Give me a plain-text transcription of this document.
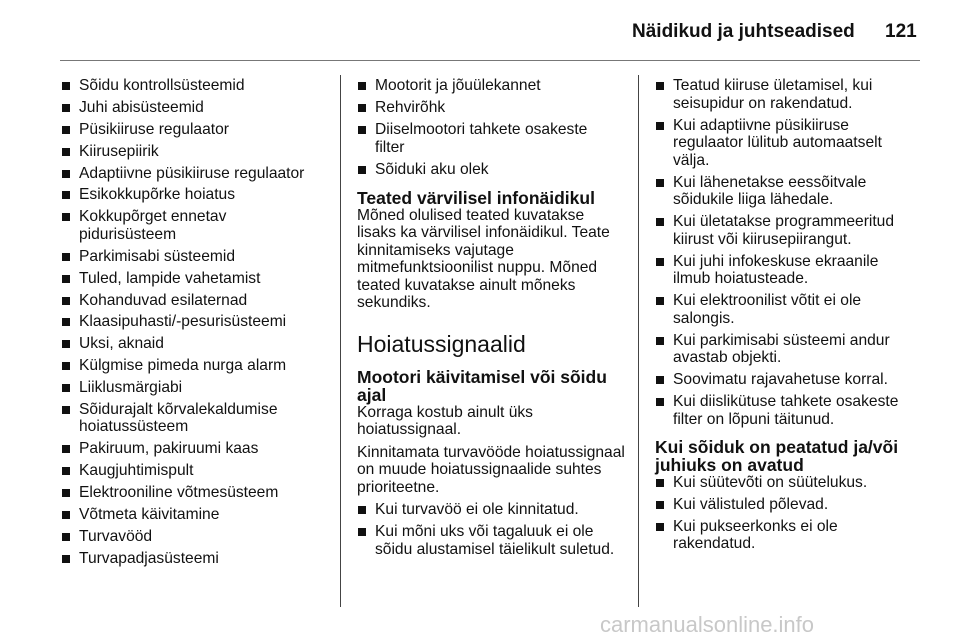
Näidikud ja juhtseadised 121
Sõidu kontrollsüsteemid
Juhi abisüsteemid
Püsikiiruse regulaator
Kiirusepiirik
Adaptiivne püsikiiruse regulaator
Esikokkupõrke hoiatus
Kokkupõrget ennetav pidurisüsteem
Parkimisabi süsteemid
Tuled, lampide vahetamist
Kohanduvad esilaternad
Klaasipuhasti/-pesurisüsteemi
Uksi, aknaid
Külgmise pimeda nurga alarm
Liiklusmärgiabi
Sõidurajalt kõrvalekaldumise hoiatussüsteem
Pakiruum, pakiruumi kaas
Kaugjuhtimispult
Elektrooniline võtmesüsteem
Võtmeta käivitamine
Turvavööd
Turvapadjasüsteemi
Mootorit ja jõuülekannet
Rehvirõhk
Diiselmootori tahkete osakeste filter
Sõiduki aku olek

Teated värvilisel infonäidikul

Mõned olulised teated kuvatakse lisaks ka värvilisel infonäidikul. Teate kinnitamiseks vajutage mitmefunktsioonilist nuppu. Mõned teated kuvatakse ainult mõneks sekundiks.

Hoiatussignaalid

Mootori käivitamisel või sõidu ajal

Korraga kostub ainult üks hoiatussignaal.

Kinnitamata turvavööde hoiatussignaal on muude hoiatussignaalide suhtes prioriteetne.

Kui turvavöö ei ole kinnitatud.
Kui mõni uks või tagaluuk ei ole sõidu alustamisel täielikult suletud.
Teatud kiiruse ületamisel, kui seisupidur on rakendatud.
Kui adaptiivne püsikiiruse regulaator lülitub automaatselt välja.
Kui lähenetakse eessõitvale sõidukile liiga lähedale.
Kui ületatakse programmeeritud kiirust või kiirusepiirangut.
Kui juhi infokeskuse ekraanile ilmub hoiatusteade.
Kui elektroonilist võtit ei ole salongis.
Kui parkimisabi süsteemi andur avastab objekti.
Soovimatu rajavahetuse korral.
Kui diislikütuse tahkete osakeste filter on lõpuni täitunud.

Kui sõiduk on peatatud ja/või juhiuks on avatud

Kui süütevõti on süütelukus.
Kui välistuled põlevad.
Kui pukseerkonks ei ole rakendatud.
carmanualsonline.info
